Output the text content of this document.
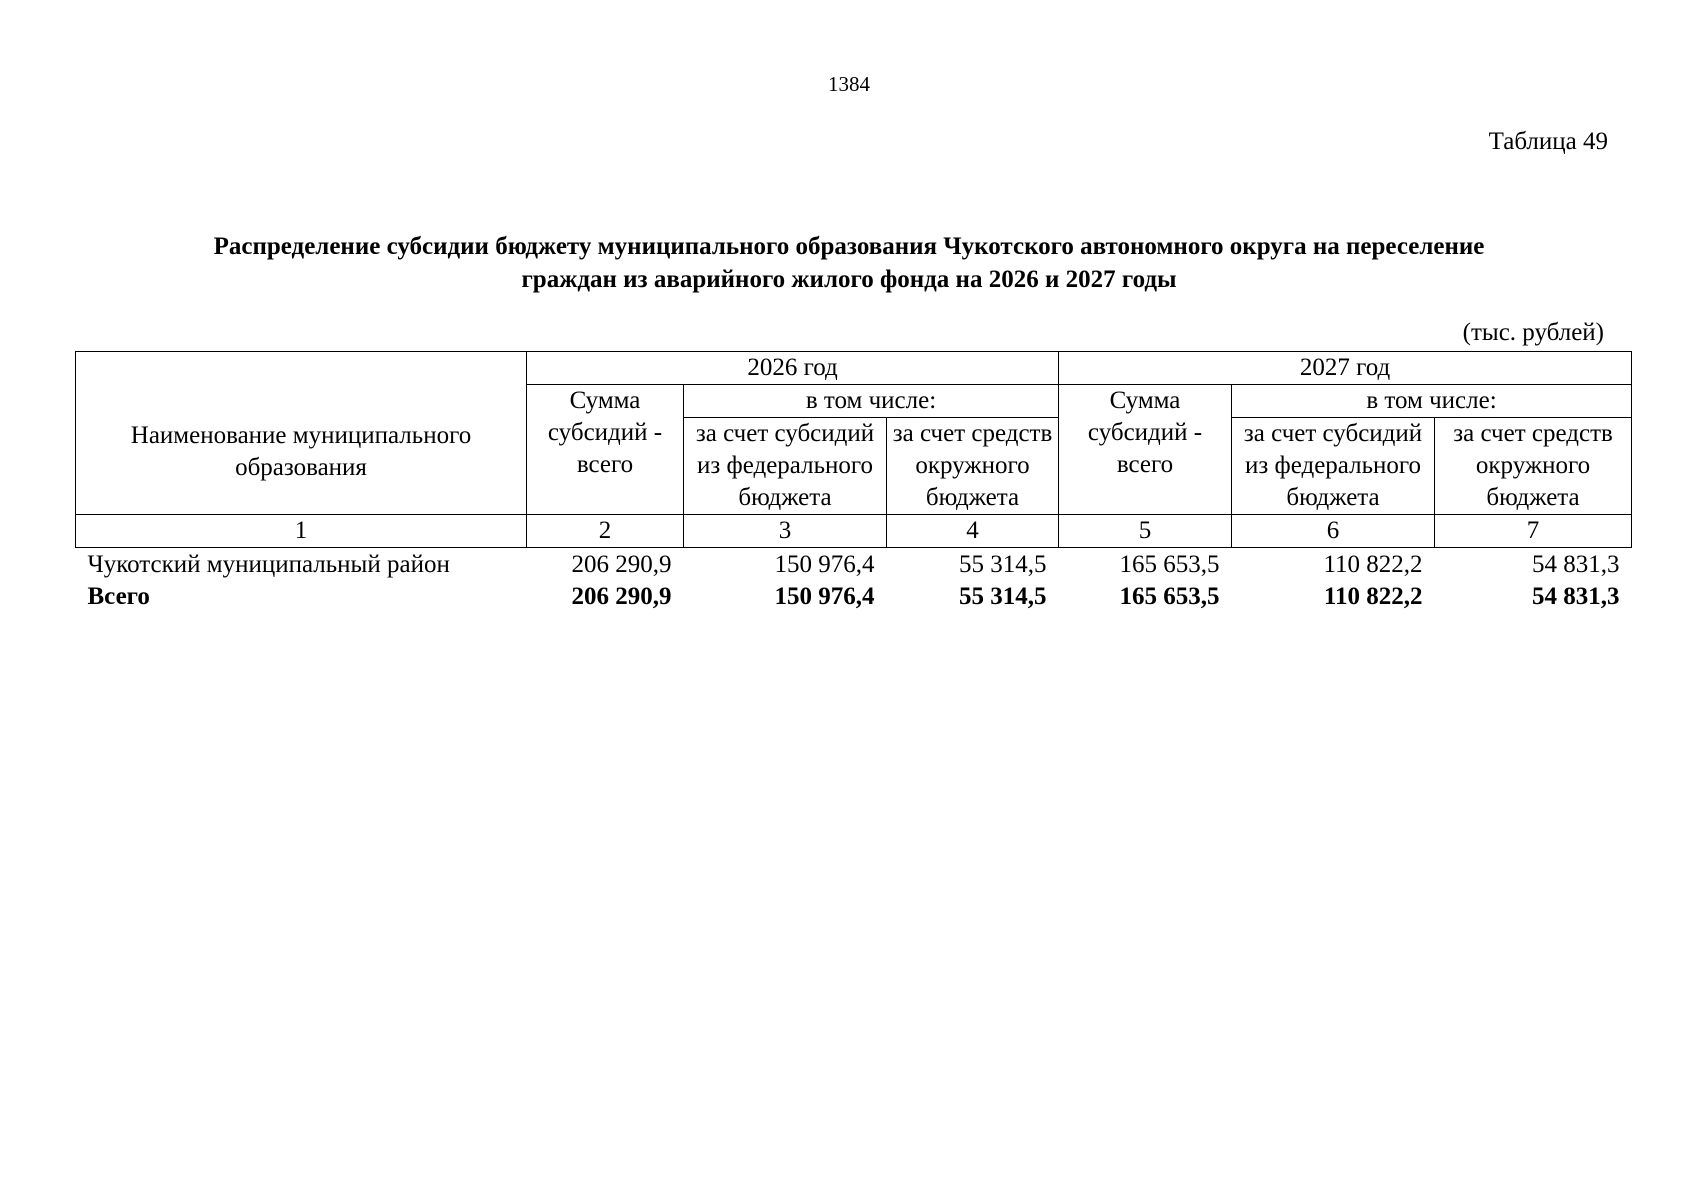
1384
Таблица 49
Распределение субсидии бюджету муниципального образования Чукотского автономного округа на переселение
граждан из аварийного жилого фонда на 2026 и 2027 годы
(тыс. рублей)
Наименование муниципального образования	2026 год			2027 год		
	Сумма субсидий - всего	в том числе:		Сумма субсидий - всего	в том числе:	
		за счет субсидий из федерального бюджета	за счет средств окружного бюджета		за счет субсидий из федерального бюджета	за счет средств окружного бюджета
1	2	3	4	5	6	7
Чукотский муниципальный район	206 290,9	150 976,4	55 314,5	165 653,5	110 822,2	54 831,3
Всего	206 290,9	150 976,4	55 314,5	165 653,5	110 822,2	54 831,3
